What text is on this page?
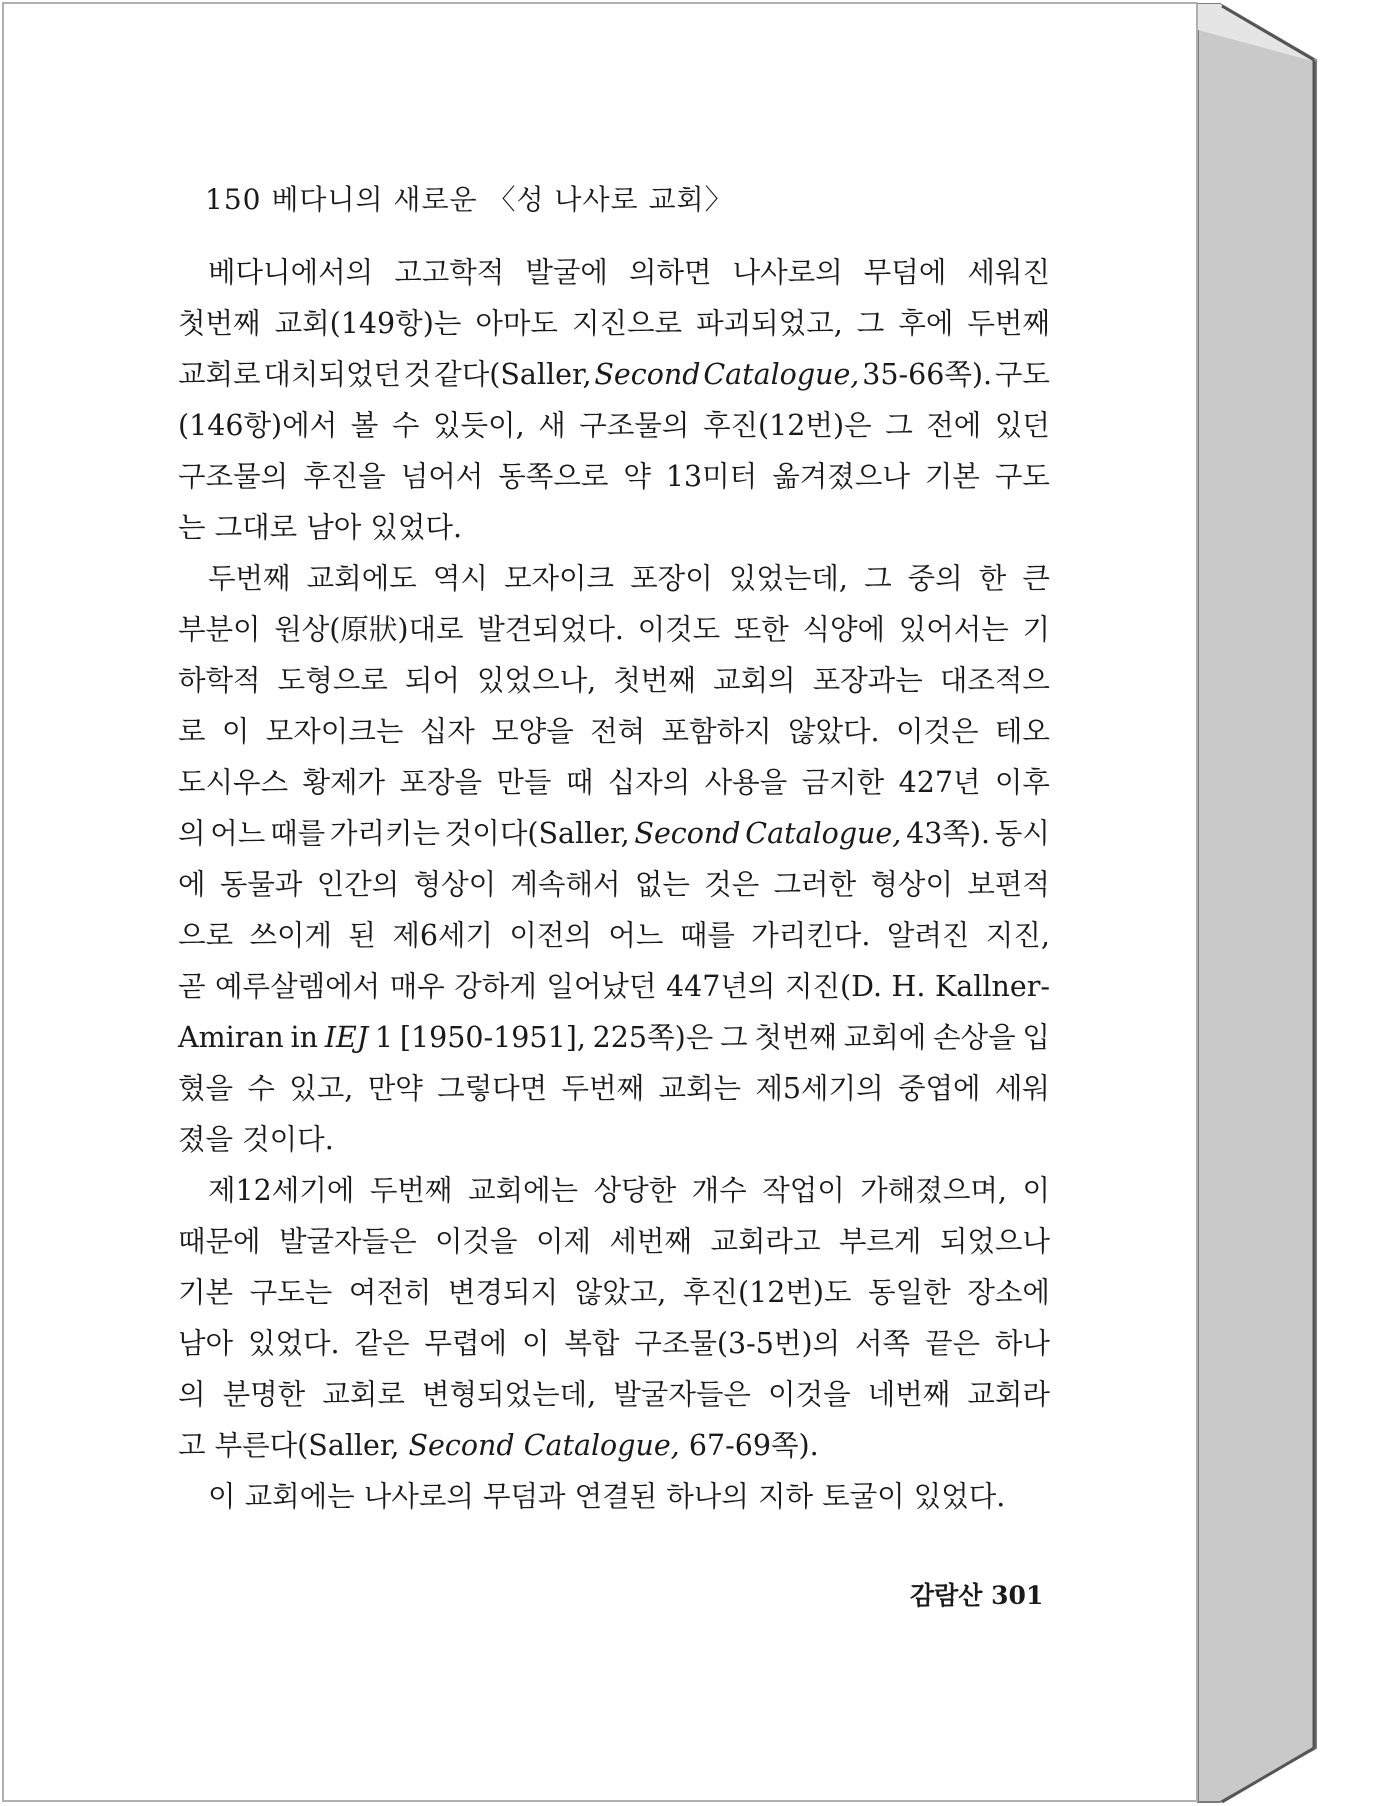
150 베다니의 새로운 〈성 나사로 교회〉
베다니에서의 고고학적 발굴에 의하면 나사로의 무덤에 세워진
첫번째 교회(149항)는 아마도 지진으로 파괴되었고, 그 후에 두번째
교회로 대치되었던 것 같다(Saller, Second Catalogue, 35-66쪽). 구도
(146항)에서 볼 수 있듯이, 새 구조물의 후진(12번)은 그 전에 있던
구조물의 후진을 넘어서 동쪽으로 약 13미터 옮겨졌으나 기본 구도
는 그대로 남아 있었다.
두번째 교회에도 역시 모자이크 포장이 있었는데, 그 중의 한 큰
부분이 원상(原狀)대로 발견되었다. 이것도 또한 식양에 있어서는 기
하학적 도형으로 되어 있었으나, 첫번째 교회의 포장과는 대조적으
로 이 모자이크는 십자 모양을 전혀 포함하지 않았다. 이것은 테오
도시우스 황제가 포장을 만들 때 십자의 사용을 금지한 427년 이후
의 어느 때를 가리키는 것이다(Saller, Second Catalogue, 43쪽). 동시
에 동물과 인간의 형상이 계속해서 없는 것은 그러한 형상이 보편적
으로 쓰이게 된 제6세기 이전의 어느 때를 가리킨다. 알려진 지진,
곧 예루살렘에서 매우 강하게 일어났던 447년의 지진(D. H. Kallner-
Amiran in IEJ 1 [1950-1951], 225쪽)은 그 첫번째 교회에 손상을 입
혔을 수 있고, 만약 그렇다면 두번째 교회는 제5세기의 중엽에 세워
졌을 것이다.
제12세기에 두번째 교회에는 상당한 개수 작업이 가해졌으며, 이
때문에 발굴자들은 이것을 이제 세번째 교회라고 부르게 되었으나
기본 구도는 여전히 변경되지 않았고, 후진(12번)도 동일한 장소에
남아 있었다. 같은 무렵에 이 복합 구조물(3-5번)의 서쪽 끝은 하나
의 분명한 교회로 변형되었는데, 발굴자들은 이것을 네번째 교회라
고 부른다(Saller, Second Catalogue, 67-69쪽).
이 교회에는 나사로의 무덤과 연결된 하나의 지하 토굴이 있었다.
감람산 301
